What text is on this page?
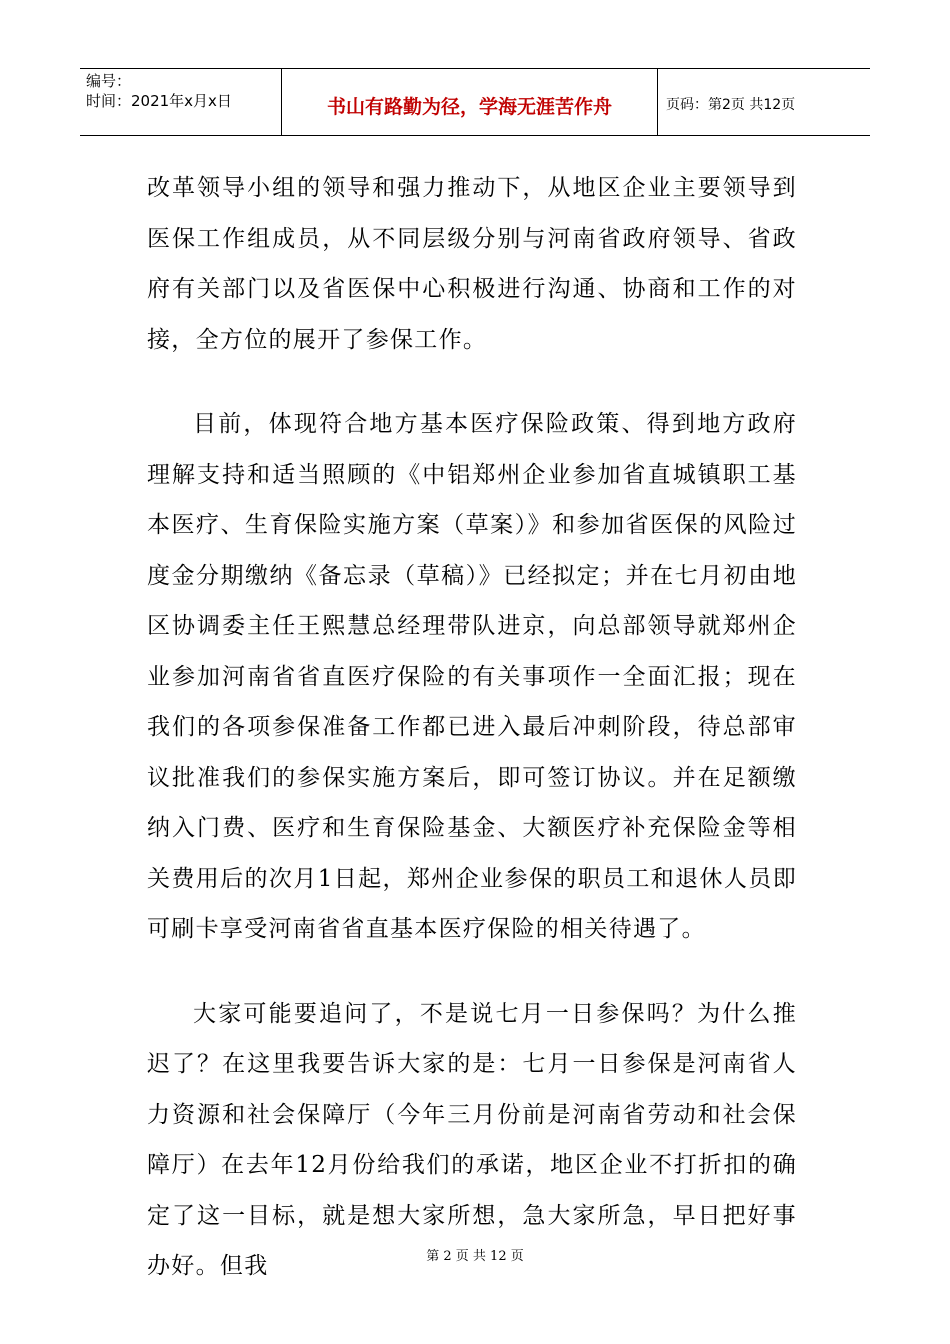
编号：
时间：2021年x月x日	书山有路勤为径，学海无涯苦作舟	页码：第2页 共12页

改革领导小组的领导和强力推动下，从地区企业主要领导到医保工作组成员，从不同层级分别与河南省政府领导、省政府有关部门以及省医保中心积极进行沟通、协商和工作的对接，全方位的展开了参保工作。

目前，体现符合地方基本医疗保险政策、得到地方政府理解支持和适当照顾的《中铝郑州企业参加省直城镇职工基本医疗、生育保险实施方案（草案）》和参加省医保的风险过度金分期缴纳《备忘录（草稿）》已经拟定；并在七月初由地区协调委主任王熙慧总经理带队进京，向总部领导就郑州企业参加河南省省直医疗保险的有关事项作一全面汇报；现在我们的各项参保准备工作都已进入最后冲刺阶段，待总部审议批准我们的参保实施方案后，即可签订协议。并在足额缴纳入门费、医疗和生育保险基金、大额医疗补充保险金等相关费用后的次月1日起，郑州企业参保的职员工和退休人员即可刷卡享受河南省省直基本医疗保险的相关待遇了。

大家可能要追问了，不是说七月一日参保吗？为什么推迟了？在这里我要告诉大家的是：七月一日参保是河南省人力资源和社会保障厅（今年三月份前是河南省劳动和社会保障厅）在去年12月份给我们的承诺，地区企业不打折扣的确定了这一目标，就是想大家所想，急大家所急，早日把好事办好。但我	第 2 页 共 12 页
